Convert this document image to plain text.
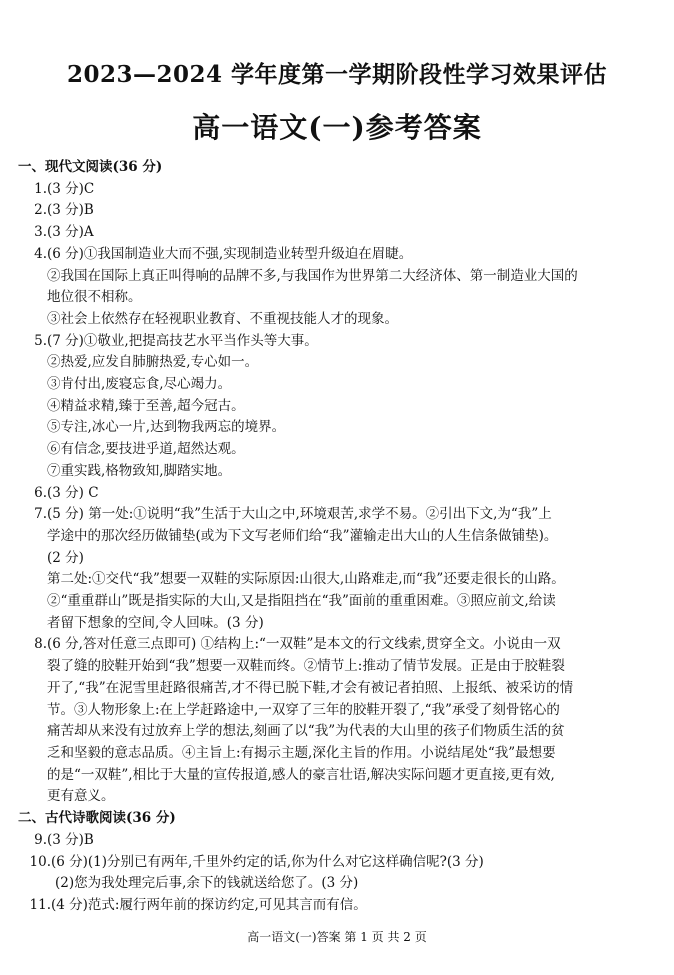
2023—2024 学年度第一学期阶段性学习效果评估
高一语文(一)参考答案
一、现代文阅读(36 分)
1.(3 分)C
2.(3 分)B
3.(3 分)A
4.(6 分)①我国制造业大而不强,实现制造业转型升级迫在眉睫。
②我国在国际上真正叫得响的品牌不多,与我国作为世界第二大经济体、第一制造业大国的
地位很不相称。
③社会上依然存在轻视职业教育、不重视技能人才的现象。
5.(7 分)①敬业,把提高技艺水平当作头等大事。
②热爱,应发自肺腑热爱,专心如一。
③肯付出,废寝忘食,尽心竭力。
④精益求精,臻于至善,超今冠古。
⑤专注,冰心一片,达到物我两忘的境界。
⑥有信念,要技进乎道,超然达观。
⑦重实践,格物致知,脚踏实地。
6.(3 分) C
7.(5 分) 第一处:①说明“我”生活于大山之中,环境艰苦,求学不易。②引出下文,为“我”上
学途中的那次经历做铺垫(或为下文写老师们给“我”灌输走出大山的人生信条做铺垫)。
(2 分)
第二处:①交代“我”想要一双鞋的实际原因:山很大,山路难走,而“我”还要走很长的山路。
②“重重群山”既是指实际的大山,又是指阻挡在“我”面前的重重困难。③照应前文,给读
者留下想象的空间,令人回味。(3 分)
8.(6 分,答对任意三点即可) ①结构上:“一双鞋”是本文的行文线索,贯穿全文。小说由一双
裂了缝的胶鞋开始到“我”想要一双鞋而终。②情节上:推动了情节发展。正是由于胶鞋裂
开了,“我”在泥雪里赶路很痛苦,才不得已脱下鞋,才会有被记者拍照、上报纸、被采访的情
节。③人物形象上:在上学赶路途中,一双穿了三年的胶鞋开裂了,“我”承受了刻骨铭心的
痛苦却从来没有过放弃上学的想法,刻画了以“我”为代表的大山里的孩子们物质生活的贫
乏和坚毅的意志品质。④主旨上:有揭示主题,深化主旨的作用。小说结尾处“我”最想要
的是“一双鞋”,相比于大量的宣传报道,感人的豪言壮语,解决实际问题才更直接,更有效,
更有意义。
二、古代诗歌阅读(36 分)
9.(3 分)B
10.(6 分)(1)分别已有两年,千里外约定的话,你为什么对它这样确信呢?(3 分)
(2)您为我处理完后事,余下的钱就送给您了。(3 分)
11.(4 分)范式:履行两年前的探访约定,可见其言而有信。
高一语文(一)答案 第 1 页 共 2 页
